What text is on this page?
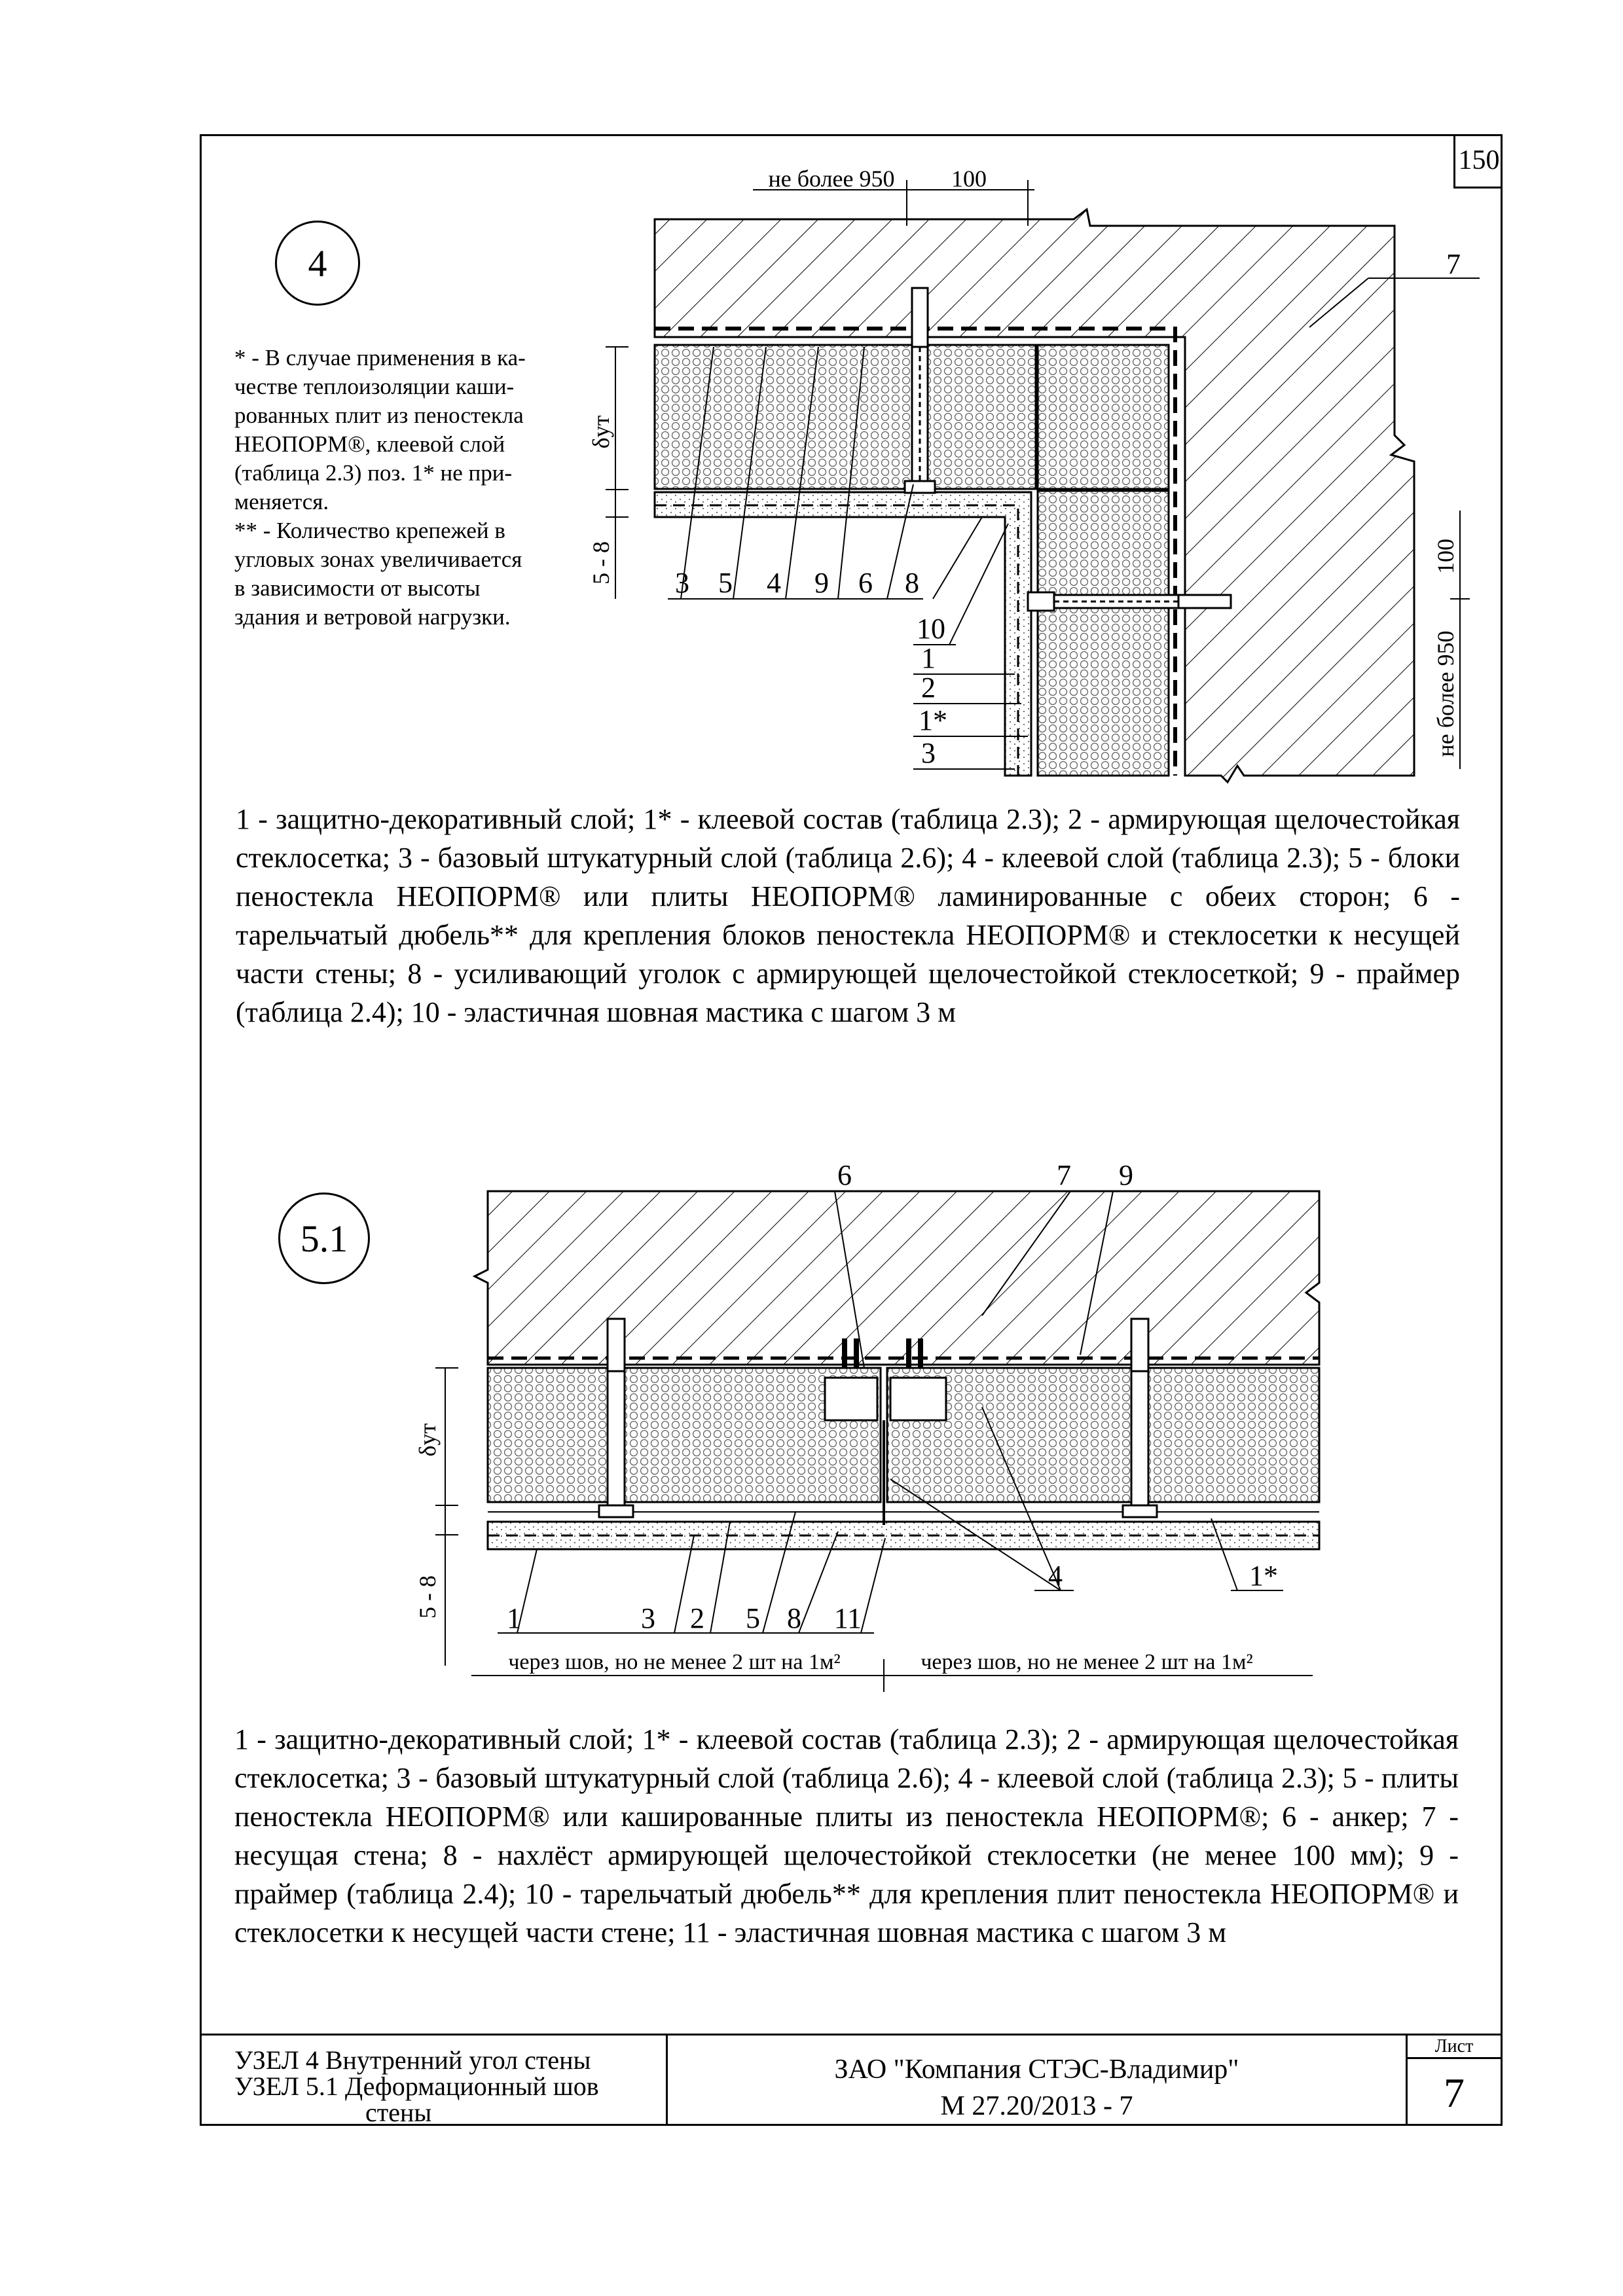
150
4
5.1

* - В случае применения в ка-

честве теплоизоляции каши-

рованных плит из пеностекла

НЕОПОРМ®, клеевой слой

(таблица 2.3) поз. 1* не при-

меняется.

** - Количество крепежей в

угловых зонах увеличивается

в зависимости от высоты

здания и ветровой нагрузки.

не более 950 100
100
не более 950
δут
5 - 8
7
3 5 4 9 6 8
10
1
2
1*
3
6	7 9
1	3 2 5 8 11
4	1*
δут
5 - 8
через шов, но не менее 2 шт на 1м²	через шов, но не менее 2 шт на 1м²
1 - защитно-декоративный слой; 1* - клеевой состав (таблица 2.3); 2 - армирующая щелочестойкая стеклосетка; 3 - базовый штукатурный слой (таблица 2.6); 4 - клеевой слой (таблица 2.3); 5 - блоки пеностекла НЕОПОРМ® или плиты НЕОПОРМ® ламинированные с обеих сторон; 6 - тарельчатый дюбель** для крепления блоков пеностекла НЕОПОРМ® и стеклосетки к несущей части стены; 8 - усиливающий уголок с армирующей щелочестойкой стеклосеткой; 9 - праймер (таблица 2.4); 10 - эластичная шовная мастика с шагом 3 м
1 - защитно-декоративный слой; 1* - клеевой состав (таблица 2.3); 2 - армирующая щелочестойкая стеклосетка; 3 - базовый штукатурный слой (таблица 2.6); 4 - клеевой слой (таблица 2.3); 5 - плиты пеностекла НЕОПОРМ® или кашированные плиты из пеностекла НЕОПОРМ®; 6 - анкер; 7 - несущая стена; 8 - нахлёст армирующей щелочестойкой стеклосетки (не менее 100 мм); 9 - праймер (таблица 2.4); 10 - тарельчатый дюбель** для крепления плит пеностекла НЕОПОРМ® и стеклосетки к несущей части стене; 11 - эластичная шовная мастика с шагом 3 м
УЗЕЛ 4 Внутренний угол стены
УЗЕЛ 5.1 Деформационный шов
стены
ЗАО "Компания СТЭС-Владимир"
М 27.20/2013 - 7
Лист
7
